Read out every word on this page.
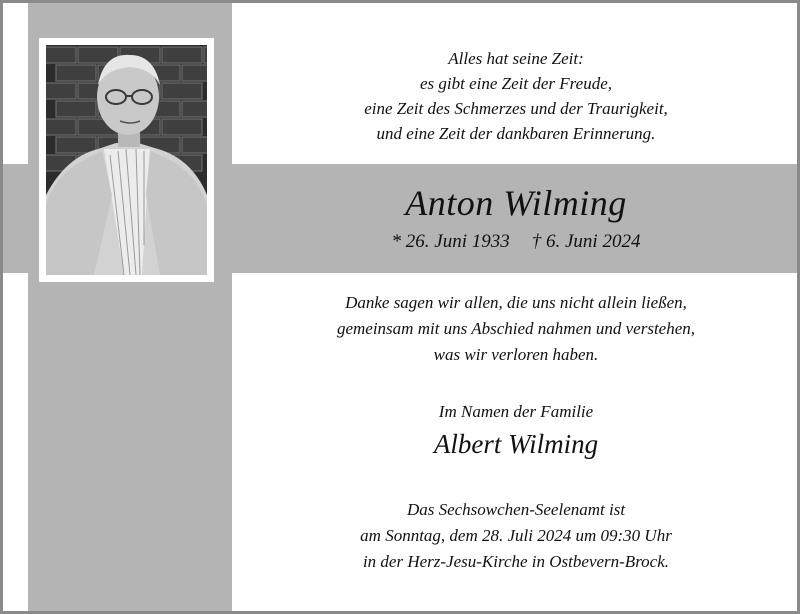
Alles hat seine Zeit:
es gibt eine Zeit der Freude,
eine Zeit des Schmerzes und der Traurigkeit,
und eine Zeit der dankbaren Erinnerung.
Anton Wilming
* 26. Juni 1933 † 6. Juni 2024
Danke sagen wir allen, die uns nicht allein ließen,
gemeinsam mit uns Abschied nahmen und verstehen,
was wir verloren haben.
Im Namen der Familie
Albert Wilming
Das Sechsowchen-Seelenamt ist
am Sonntag, dem 28. Juli 2024 um 09:30 Uhr
in der Herz-Jesu-Kirche in Ostbevern-Brock.
